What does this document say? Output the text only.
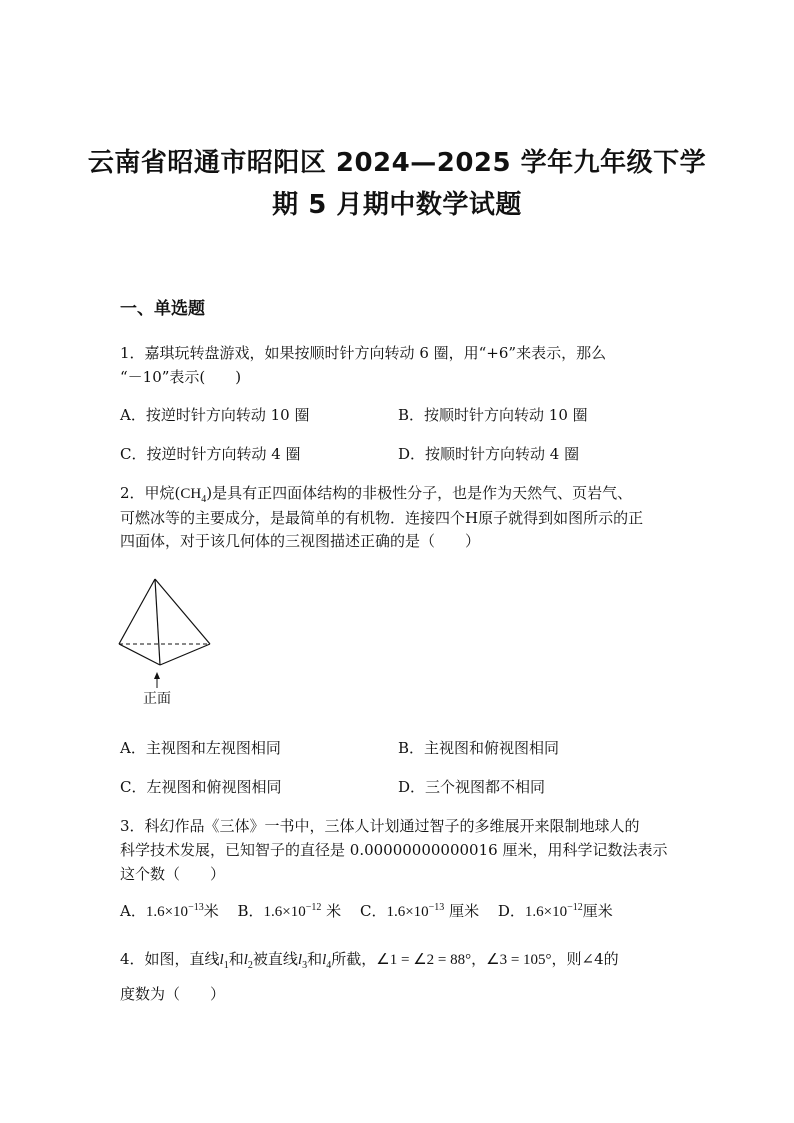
云南省昭通市昭阳区 2024—2025 学年九年级下学
期 5 月期中数学试题
一、单选题
1．嘉琪玩转盘游戏，如果按顺时针方向转动 6 圈，用“+6”来表示，那么
“－10”表示(　　)
A．按逆时针方向转动 10 圈	B．按顺时针方向转动 10 圈
C．按逆时针方向转动 4 圈	D．按顺时针方向转动 4 圈
2．甲烷$(CH_4)$是具有正四面体结构的非极性分子，也是作为天然气、页岩气、
可燃冰等的主要成分，是最简单的有机物．连接四个H原子就得到如图所示的正
四面体，对于该几何体的三视图描述正确的是（　　）
正面
A．主视图和左视图相同	B．主视图和俯视图相同
C．左视图和俯视图相同	D．三个视图都不相同
3．科幻作品《三体》一书中，三体人计划通过智子的多维展开来限制地球人的
科学技术发展，已知智子的直径是 0.00000000000016 厘米，用科学记数法表示
这个数（　　）
A．$1.6\times 10^{-13}$米 B．$1.6\times 10^{-12}$ 米 C．$1.6\times 10^{-13}$ 厘米 D．$1.6\times 10^{-12}$厘米
4．如图，直线$l_1$和$l_2$被直线$l_3$和$l_4$所截，∠1 = ∠2 = 88°，∠3 = 105°，则∠4的
度数为（　　）
